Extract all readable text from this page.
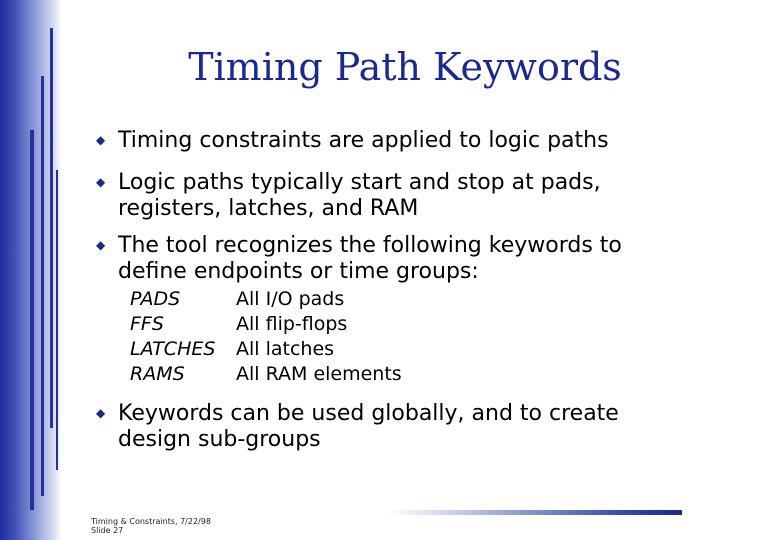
Timing Path Keywords
◆ Timing constraints are applied to logic paths
◆ Logic paths typically start and stop at pads,
registers, latches, and RAM
◆ The tool recognizes the following keywords to
define endpoints or time groups:
PADS	All I/O pads
FFS	All flip-flops
LATCHES All latches
RAMS	All RAM elements
◆ Keywords can be used globally, and to create
design sub-groups
Timing & Constraints, 7/22/98
Slide 27
